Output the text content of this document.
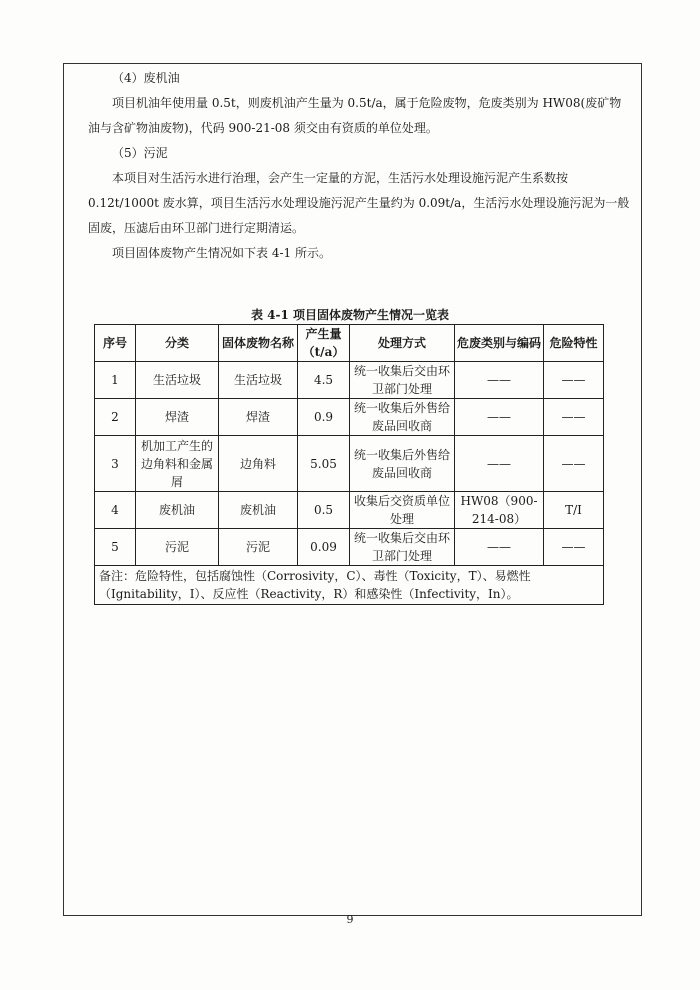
（4）废机油

项目机油年使用量 0.5t，则废机油产生量为 0.5t/a，属于危险废物，危废类别为 HW08(废矿物油与含矿物油废物)，代码 900-21-08 须交由有资质的单位处理。

（5）污泥

本项目对生活污水进行治理，会产生一定量的方泥，生活污水处理设施污泥产生系数按 0.12t/1000t 废水算，项目生活污水处理设施污泥产生量约为 0.09t/a，生活污水处理设施污泥为一般固废，压滤后由环卫部门进行定期清运。

项目固体废物产生情况如下表 4-1 所示。

表 4-1 项目固体废物产生情况一览表
序号	分类	固体废物名称	产生量（t/a）	处理方式	危废类别与编码	危险特性
1	生活垃圾	生活垃圾	4.5	统一收集后交由环卫部门处理	——	——
2	焊渣	焊渣	0.9	统一收集后外售给废品回收商	——	——
3	机加工产生的边角料和金属屑	边角料	5.05	统一收集后外售给废品回收商	——	——
4	废机油	废机油	0.5	收集后交资质单位处理	HW08（900-214-08）	T/I
5	污泥	污泥	0.09	统一收集后交由环卫部门处理	——	——
备注：危险特性，包括腐蚀性（Corrosivity，C）、毒性（Toxicity，T）、易燃性（Ignitability，I）、反应性（Reactivity，R）和感染性（Infectivity，In）。						
9
